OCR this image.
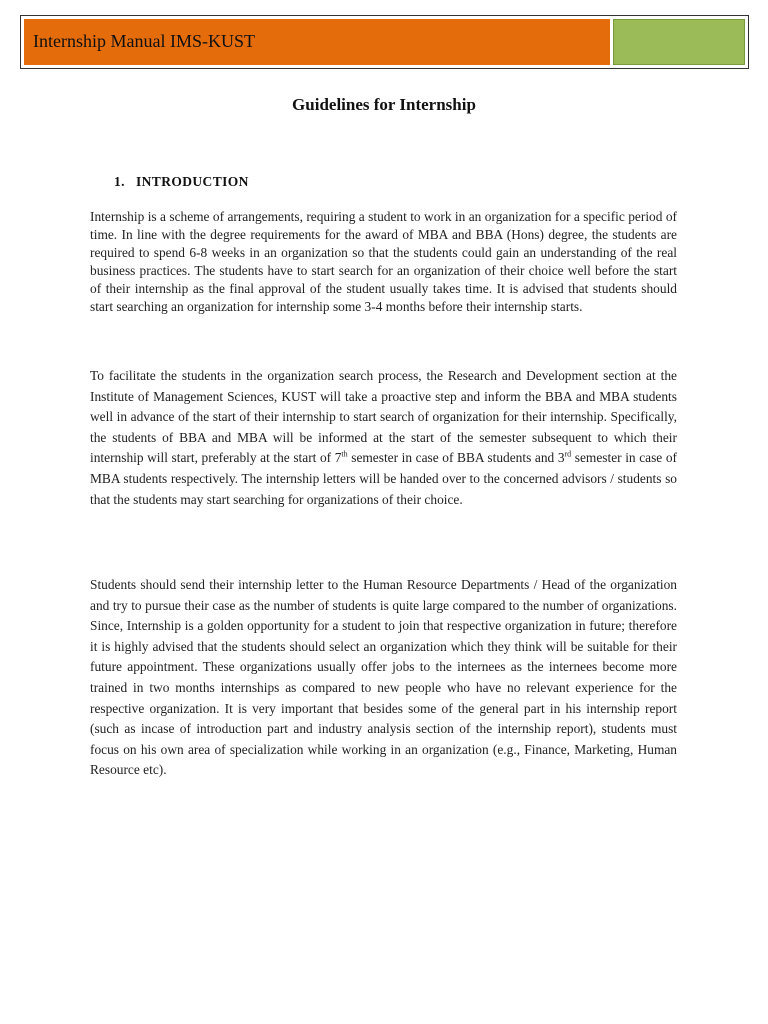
Internship Manual IMS-KUST
Guidelines for Internship
1. INTRODUCTION
Internship is a scheme of arrangements, requiring a student to work in an organization for a specific period of time. In line with the degree requirements for the award of MBA and BBA (Hons) degree, the students are required to spend 6-8 weeks in an organization so that the students could gain an understanding of the real business practices. The students have to start search for an organization of their choice well before the start of their internship as the final approval of the student usually takes time. It is advised that students should start searching an organization for internship some 3-4 months before their internship starts.
To facilitate the students in the organization search process, the Research and Development section at the Institute of Management Sciences, KUST will take a proactive step and inform the BBA and MBA students well in advance of the start of their internship to start search of organization for their internship. Specifically, the students of BBA and MBA will be informed at the start of the semester subsequent to which their internship will start, preferably at the start of 7th semester in case of BBA students and 3rd semester in case of MBA students respectively. The internship letters will be handed over to the concerned advisors / students so that the students may start searching for organizations of their choice.
Students should send their internship letter to the Human Resource Departments / Head of the organization and try to pursue their case as the number of students is quite large compared to the number of organizations. Since, Internship is a golden opportunity for a student to join that respective organization in future; therefore it is highly advised that the students should select an organization which they think will be suitable for their future appointment. These organizations usually offer jobs to the internees as the internees become more trained in two months internships as compared to new people who have no relevant experience for the respective organization. It is very important that besides some of the general part in his internship report (such as incase of introduction part and industry analysis section of the internship report), students must focus on his own area of specialization while working in an organization (e.g., Finance, Marketing, Human Resource etc).
